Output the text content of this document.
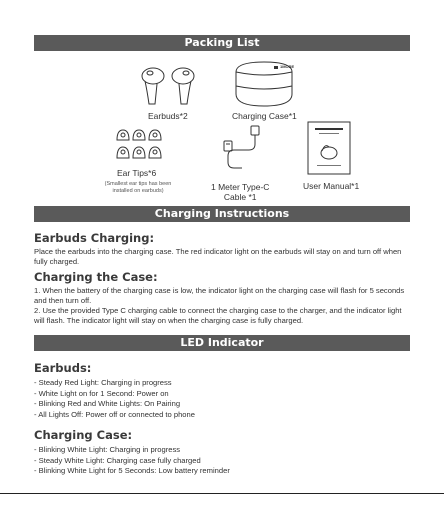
Packing List
Earbuds*2
1MORE
Charging Case*1
Ear Tips*6
(Smallest ear tips has been
installed on earbuds)	1 Meter Type-C
Cable *1
User Manual*1
Charging Instructions
Earbuds Charging:
Place the earbuds into the charging case. The red indicator light on the earbuds will stay on and turn off when fully charged.
Charging the Case:
1. When the battery of the charging case is low, the indicator light on the charging case will flash for 5 seconds and then turn off.
2. Use the provided Type C charging cable to connect the charging case to the charger, and the indicator light will flash. The indicator light will stay on when the charging case is fully charged.
LED Indicator
Earbuds:
- Steady Red Light: Charging in progress
- White Light on for 1 Second: Power on
- Blinking Red and White Lights: On Pairing
- All Lights Off: Power off or connected to phone
Charging Case:
- Blinking White Light: Charging in progress
- Steady White Light: Charging case fully charged
- Blinking White Light for 5 Seconds: Low battery reminder
